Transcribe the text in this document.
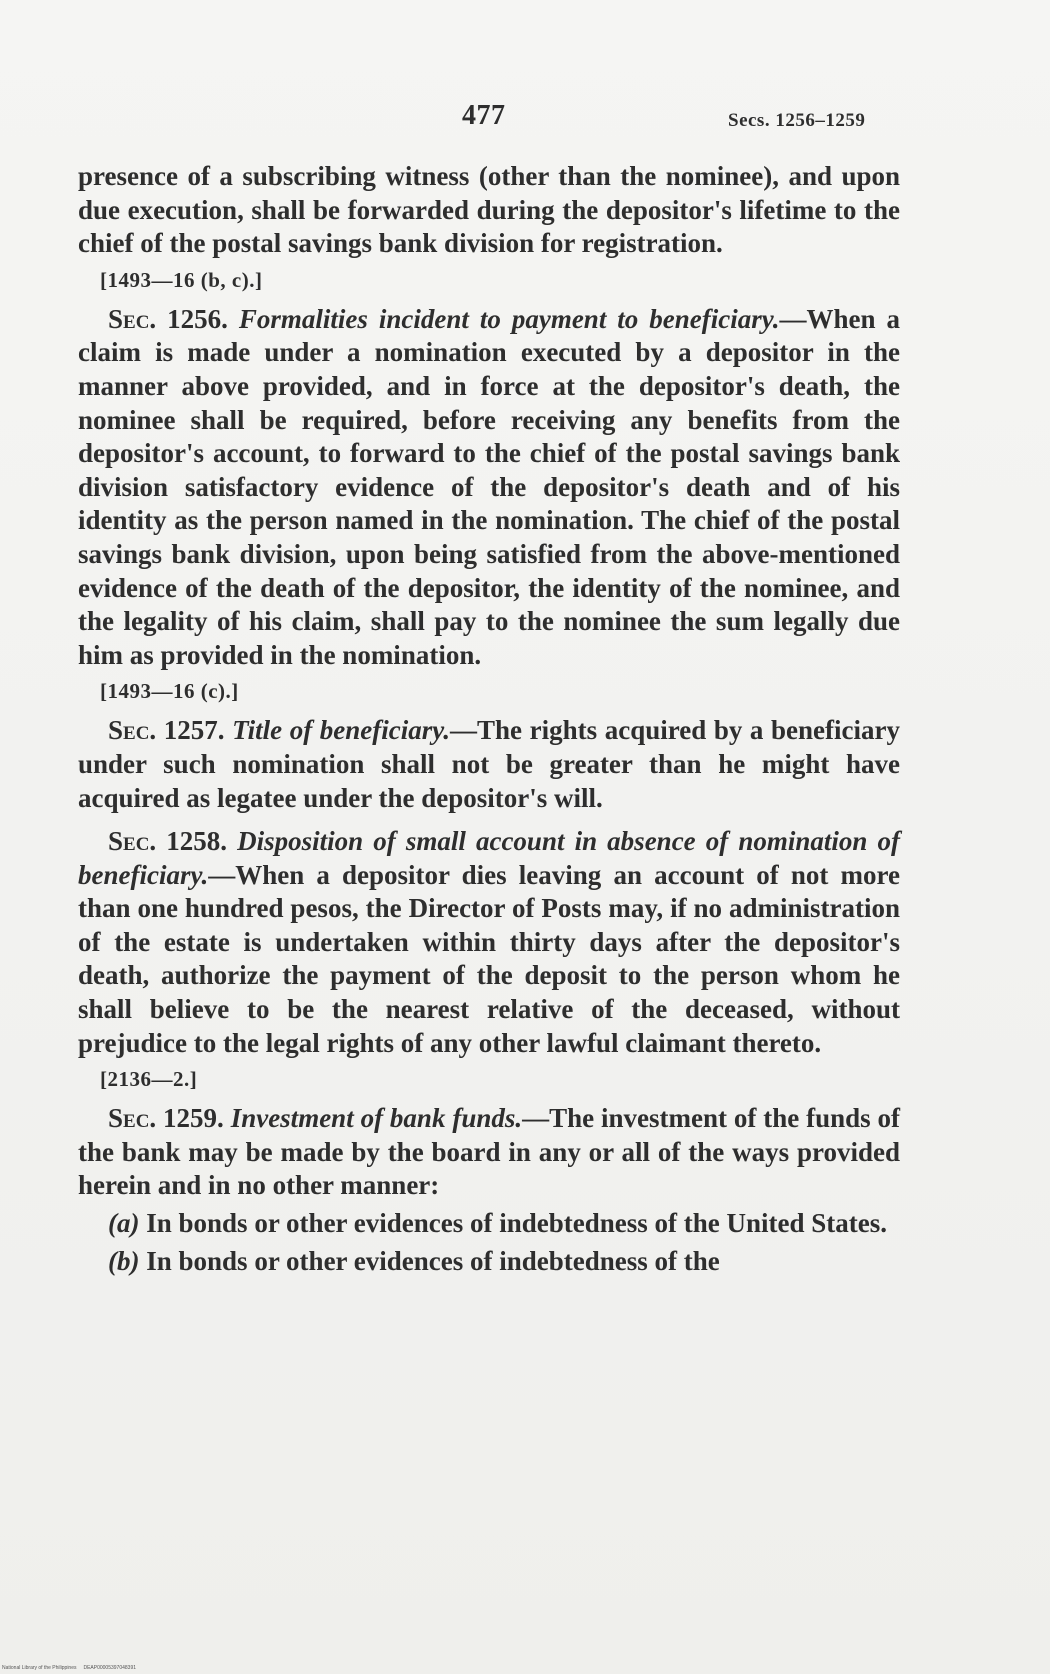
477	Secs. 1256–1259

presence of a subscribing witness (other than the nominee), and upon due execution, shall be forwarded during the depositor's lifetime to the chief of the postal savings bank division for registration.

[1493—16 (b, c).]

Sec. 1256. Formalities incident to payment to beneficiary.—When a claim is made under a nomination executed by a depositor in the manner above provided, and in force at the depositor's death, the nominee shall be required, before receiving any benefits from the depositor's account, to forward to the chief of the postal savings bank division satisfactory evidence of the depositor's death and of his identity as the person named in the nomination. The chief of the postal savings bank division, upon being satisfied from the above-mentioned evidence of the death of the depositor, the identity of the nominee, and the legality of his claim, shall pay to the nominee the sum legally due him as provided in the nomination.

[1493—16 (c).]

Sec. 1257. Title of beneficiary.—The rights acquired by a beneficiary under such nomination shall not be greater than he might have acquired as legatee under the depositor's will.

Sec. 1258. Disposition of small account in absence of nomination of beneficiary.—When a depositor dies leaving an account of not more than one hundred pesos, the Director of Posts may, if no administration of the estate is undertaken within thirty days after the depositor's death, authorize the payment of the deposit to the person whom he shall believe to be the nearest relative of the deceased, without prejudice to the legal rights of any other lawful claimant thereto.

[2136—2.]

Sec. 1259. Investment of bank funds.—The investment of the funds of the bank may be made by the board in any or all of the ways provided herein and in no other manner:

(a) In bonds or other evidences of indebtedness of the United States.

(b) In bonds or other evidences of indebtedness of the

National Library of the Philippines DEAP00005397048391
